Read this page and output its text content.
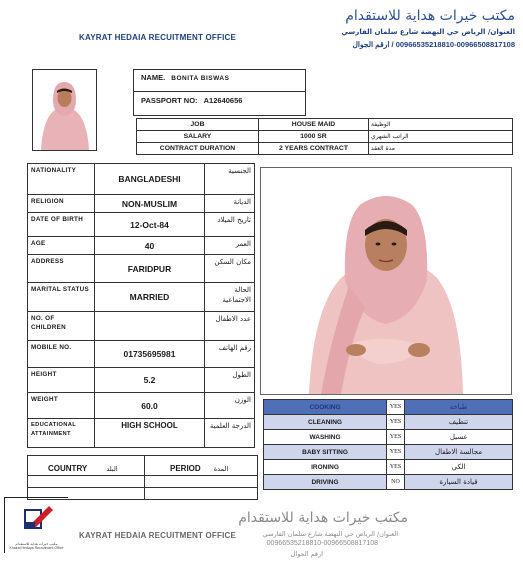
KAYRAT HEDAIA RECUITMENT OFFICE
مكتب خيرات هداية للاستقدام
العنوان/ الرياض حي النهضة شارع سلمان الفارسي
00966535218810-00966508817108 / ارقم الجوال
NAME. BONITA BISWAS
PASSPORT NO: A12640656
JOB	HOUSE MAID	الوظيفة
SALARY	1000 SR	الراتب الشهري
CONTRACT DURATION	2 YEARS CONTRACT	مدة العقد
NATIONALITY	BANGLADESHI	الجنسية
RELIGION	NON-MUSLIM	الديانة
DATE OF BIRTH	12-Oct-84	تاريخ الميلاد
AGE	40	العمر
ADDRESS	FARIDPUR	مكان السكن
MARITAL STATUS	MARRIED	الحالة الاجتماعية
NO. OF CHILDREN		عدد الاطفال
MOBILE NO.	01735695981	رقم الهاتف
HEIGHT	5.2	الطول
WEIGHT	60.0	الوزن
EDUCATIONAL ATTAINMENT	HIGH SCHOOL	الدرجة العلمية
COOKING	YES	طباخة
CLEANING	YES	تنظيف
WASHING	YES	غسيل
BABY SITTING	YES	مجالسة الاطفال
IRONING	YES	الكي
DRIVING	NO	قيادة السيارة
COUNTRY البلد	PERIOD المدة

مكتب خيرات هداية للاستقدام
Khairat Hedaya Recruitment Office
KAYRAT HEDAIA RECUITMENT OFFICE
مكتب خيرات هداية للاستقدام
العنوان/ الرياض حي النهضة شارع سلمان الفارسي
00966535218810-00966508817108
ارقم الجوال
